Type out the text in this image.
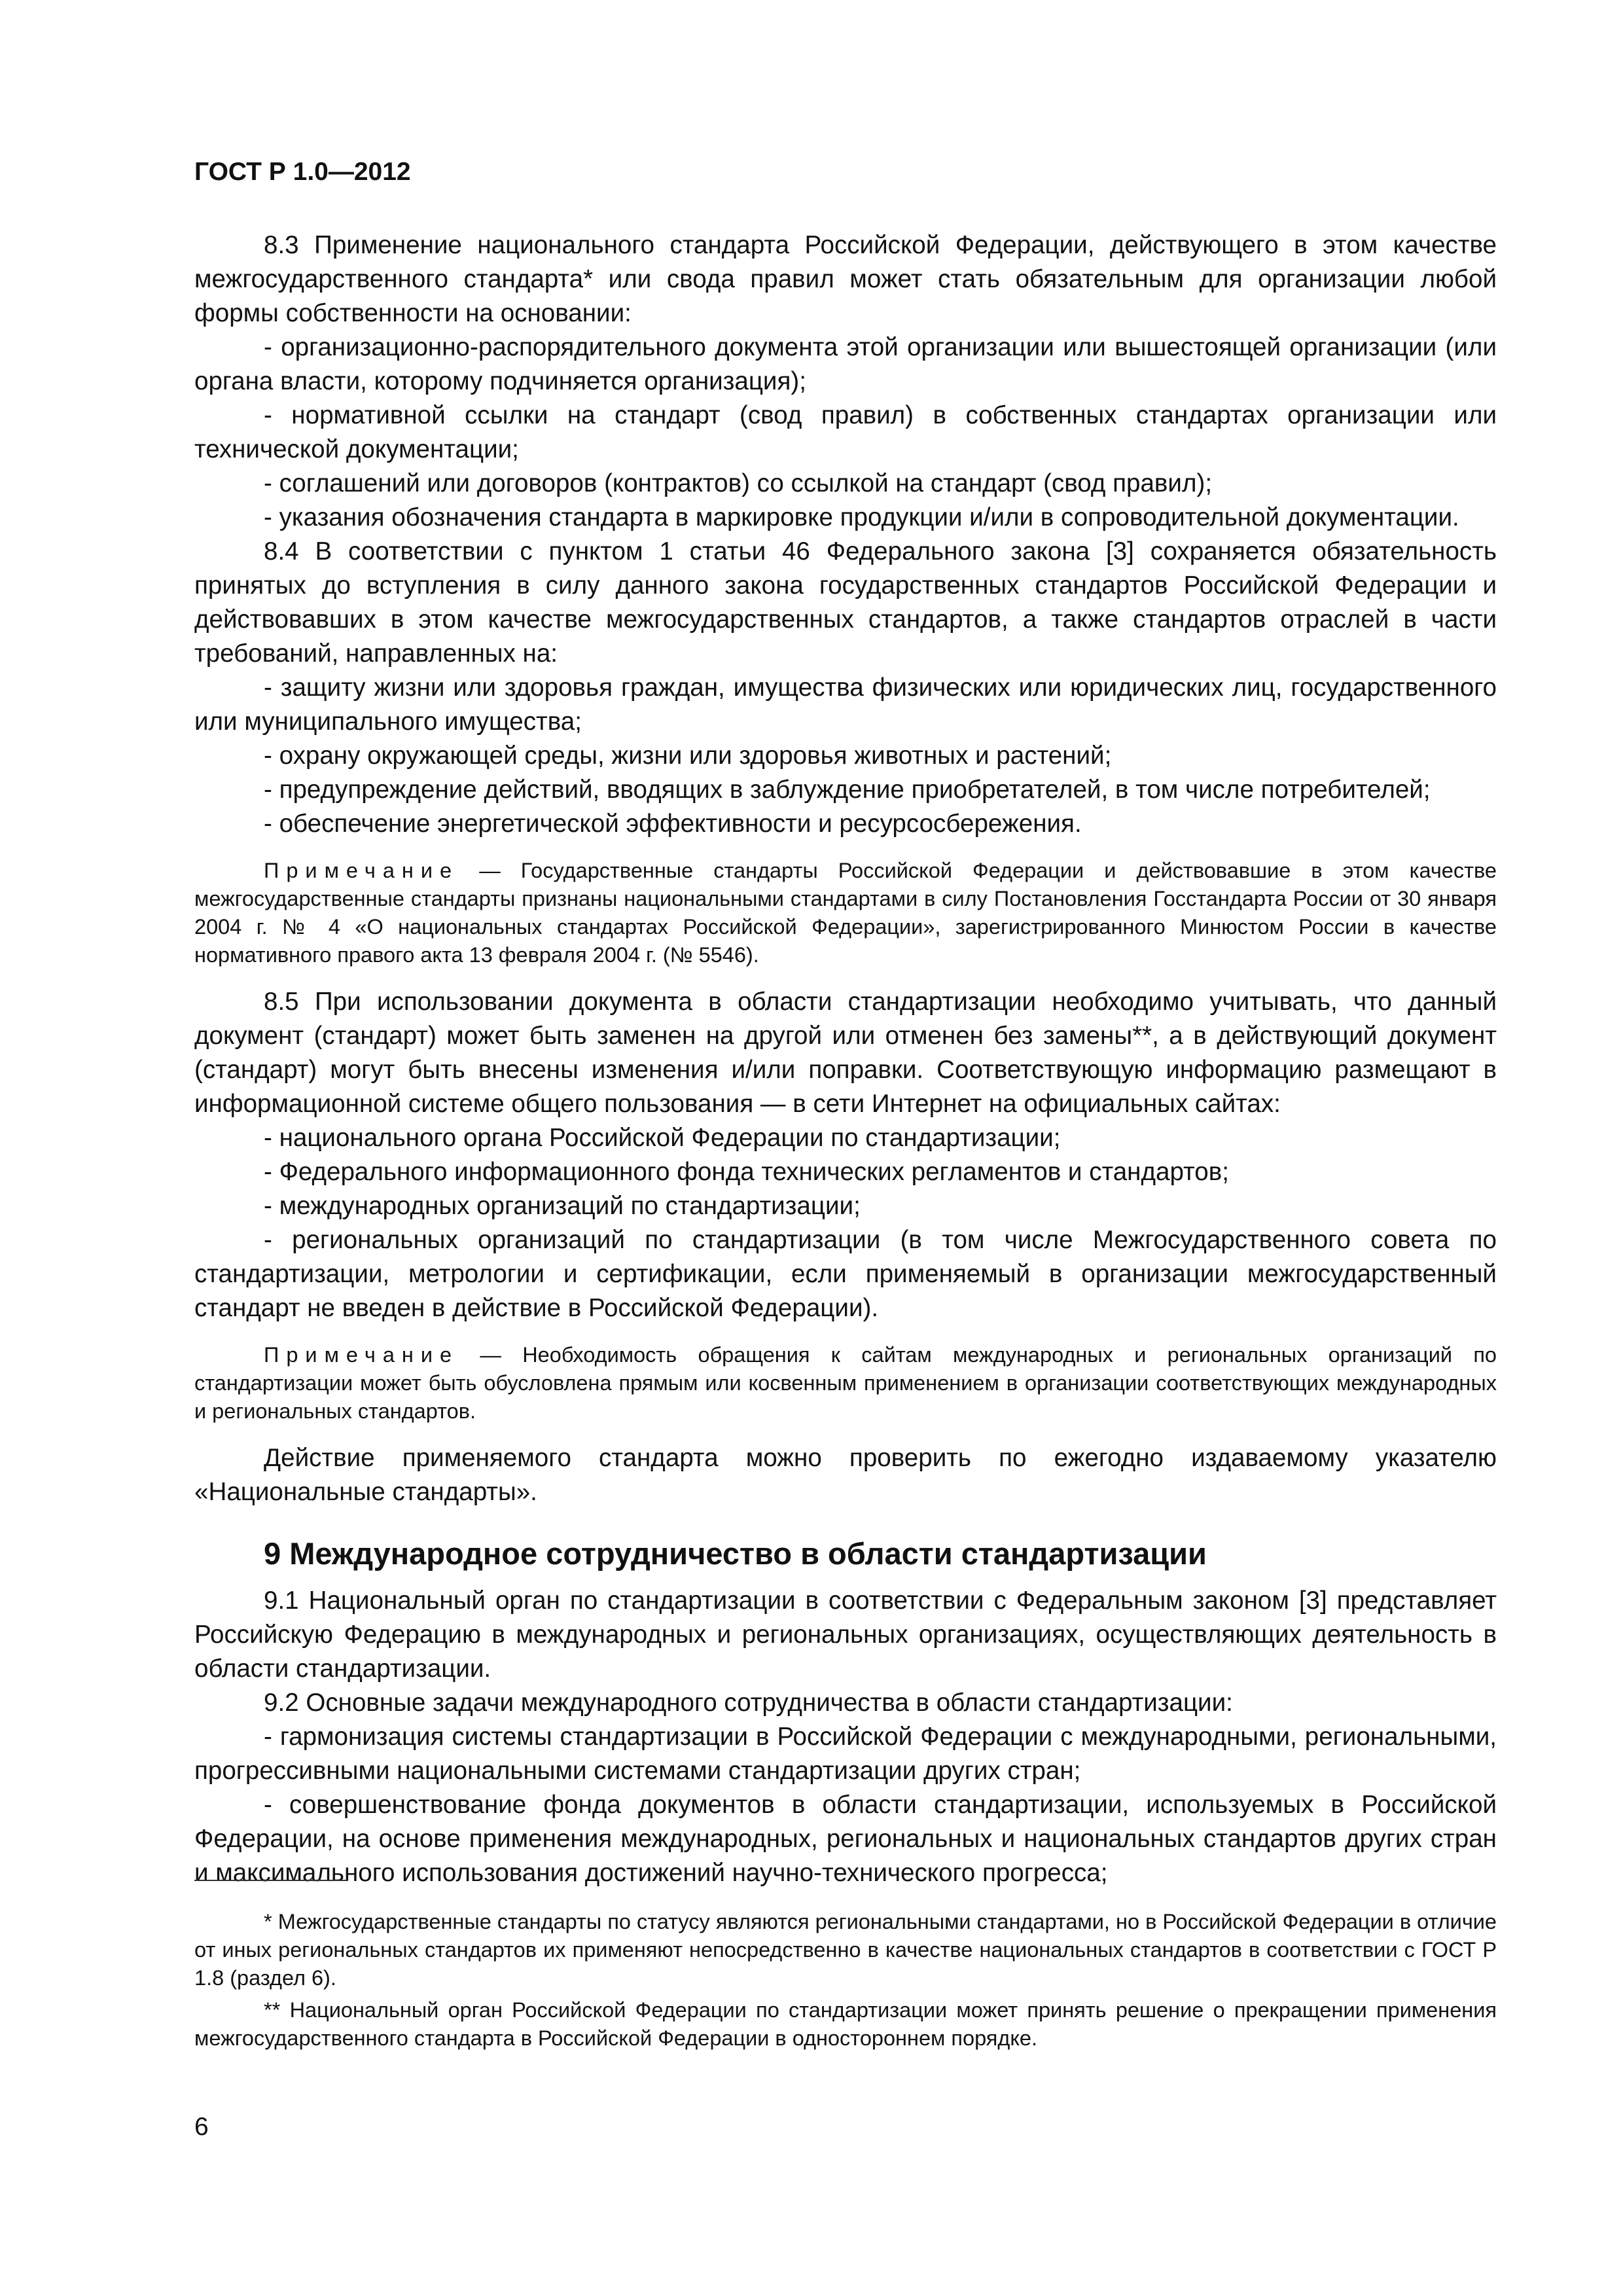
ГОСТ Р 1.0—2012

8.3 Применение национального стандарта Российской Федерации, действующего в этом качестве межгосударственного стандарта* или свода правил может стать обязательным для организации любой формы собственности на основании:

- организационно-распорядительного документа этой организации или вышестоящей организации (или органа власти, которому подчиняется организация);

- нормативной ссылки на стандарт (свод правил) в собственных стандартах организации или технической документации;

- соглашений или договоров (контрактов) со ссылкой на стандарт (свод правил);

- указания обозначения стандарта в маркировке продукции и/или в сопроводительной документации.

8.4 В соответствии с пунктом 1 статьи 46 Федерального закона [3] сохраняется обязательность принятых до вступления в силу данного закона государственных стандартов Российской Федерации и действовавших в этом качестве межгосударственных стандартов, а также стандартов отраслей в части требований, направленных на:

- защиту жизни или здоровья граждан, имущества физических или юридических лиц, государственного или муниципального имущества;

- охрану окружающей среды, жизни или здоровья животных и растений;

- предупреждение действий, вводящих в заблуждение приобретателей, в том числе потребителей;

- обеспечение энергетической эффективности и ресурсосбережения.

Примечание — Государственные стандарты Российской Федерации и действовавшие в этом качестве межгосударственные стандарты признаны национальными стандартами в силу Постановления Госстандарта России от 30 января 2004 г. № 4 «О национальных стандартах Российской Федерации», зарегистрированного Минюстом России в качестве нормативного правого акта 13 февраля 2004 г. (№ 5546).

8.5 При использовании документа в области стандартизации необходимо учитывать, что данный документ (стандарт) может быть заменен на другой или отменен без замены**, а в действующий документ (стандарт) могут быть внесены изменения и/или поправки. Соответствующую информацию размещают в информационной системе общего пользования — в сети Интернет на официальных сайтах:

- национального органа Российской Федерации по стандартизации;

- Федерального информационного фонда технических регламентов и стандартов;

- международных организаций по стандартизации;

- региональных организаций по стандартизации (в том числе Межгосударственного совета по стандартизации, метрологии и сертификации, если применяемый в организации межгосударственный стандарт не введен в действие в Российской Федерации).

Примечание — Необходимость обращения к сайтам международных и региональных организаций по стандартизации может быть обусловлена прямым или косвенным применением в организации соответствующих международных и региональных стандартов.

Действие применяемого стандарта можно проверить по ежегодно издаваемому указателю «Национальные стандарты».

9 Международное сотрудничество в области стандартизации

9.1 Национальный орган по стандартизации в соответствии с Федеральным законом [3] представляет Российскую Федерацию в международных и региональных организациях, осуществляющих деятельность в области стандартизации.

9.2 Основные задачи международного сотрудничества в области стандартизации:

- гармонизация системы стандартизации в Российской Федерации с международными, региональными, прогрессивными национальными системами стандартизации других стран;

- совершенствование фонда документов в области стандартизации, используемых в Российской Федерации, на основе применения международных, региональных и национальных стандартов других стран и максимального использования достижений научно-технического прогресса;

* Межгосударственные стандарты по статусу являются региональными стандартами, но в Российской Федерации в отличие от иных региональных стандартов их применяют непосредственно в качестве национальных стандартов в соответствии с ГОСТ Р 1.8 (раздел 6).
** Национальный орган Российской Федерации по стандартизации может принять решение о прекращении применения межгосударственного стандарта в Российской Федерации в одностороннем порядке.
6
